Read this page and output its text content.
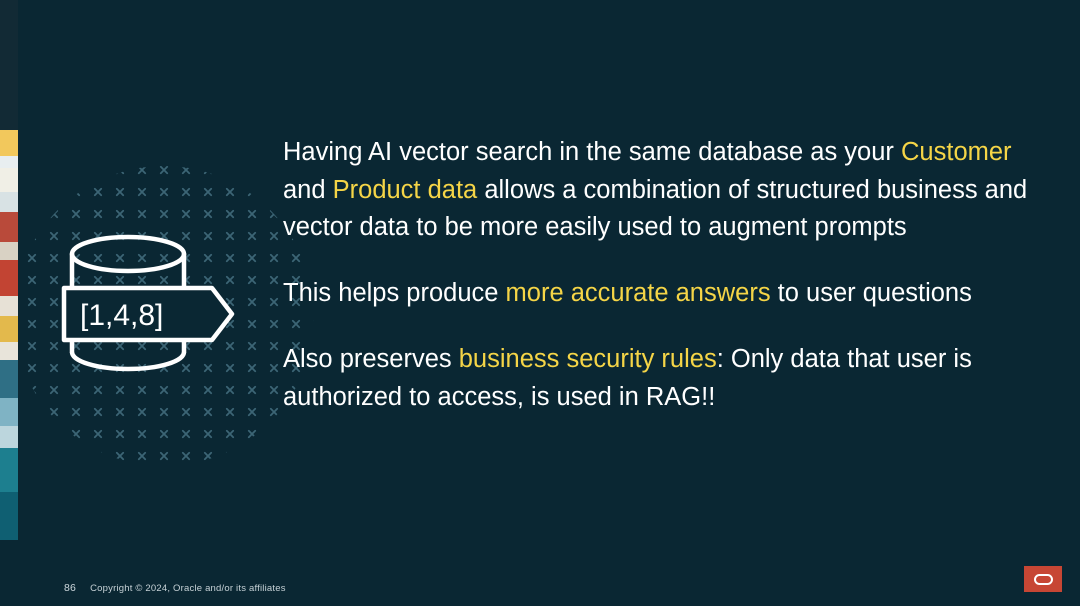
[1,4,8]
Having AI vector search in the same database as your Customer and Product data allows a combination of structured business and vector data to be more easily used to augment prompts
This helps produce more accurate answers to user questions
Also preserves business security rules: Only data that user is authorized to access, is used in RAG!!
86 Copyright © 2024, Oracle and/or its affiliates
